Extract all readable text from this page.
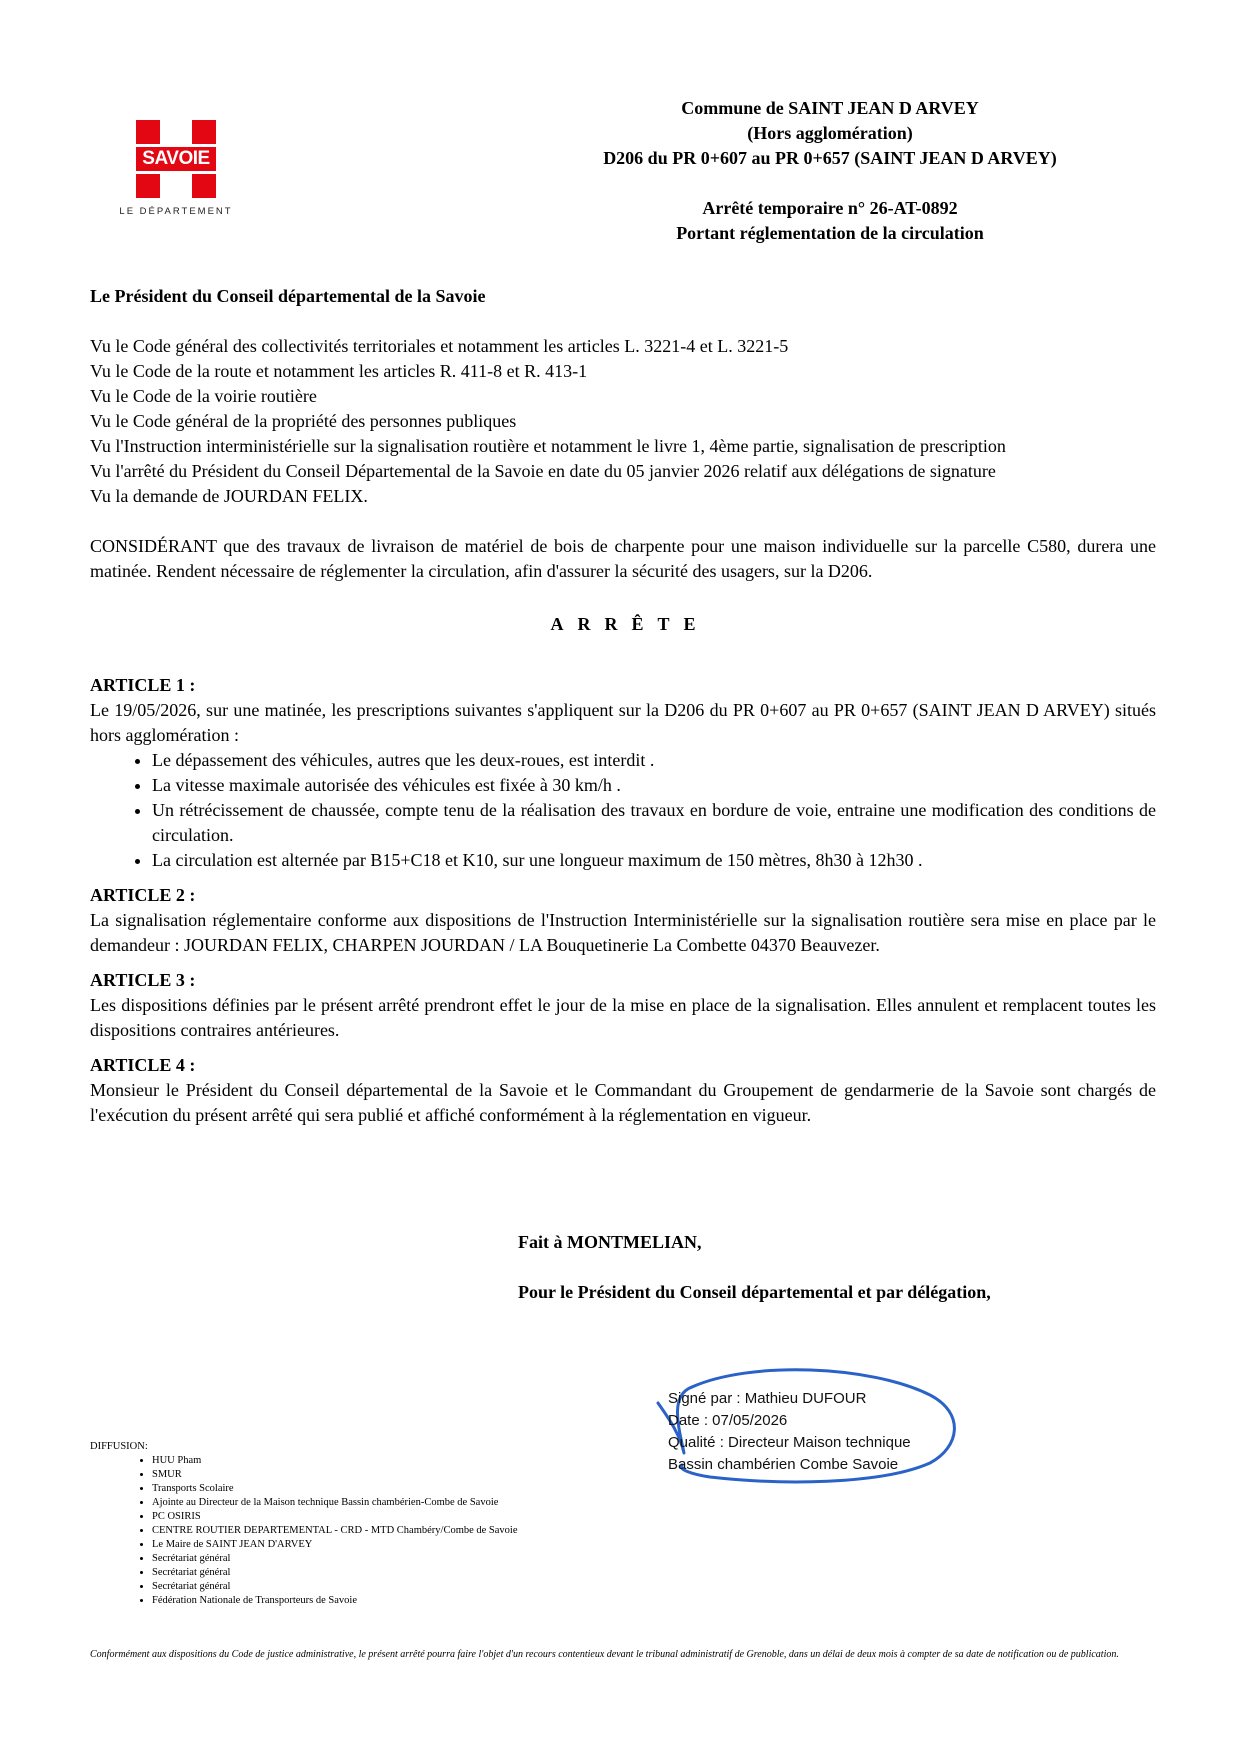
SAVOIE
LE DÉPARTEMENT
Commune de SAINT JEAN D ARVEY
(Hors agglomération)
D206 du PR 0+607 au PR 0+657 (SAINT JEAN D ARVEY)
Arrêté temporaire n° 26-AT-0892
Portant réglementation de la circulation

Le Président du Conseil départemental de la Savoie

Vu le Code général des collectivités territoriales et notamment les articles L. 3221-4 et L. 3221-5

Vu le Code de la route et notamment les articles R. 411-8 et R. 413-1

Vu le Code de la voirie routière

Vu le Code général de la propriété des personnes publiques

Vu l'Instruction interministérielle sur la signalisation routière et notamment le livre 1, 4ème partie, signalisation de prescription

Vu l'arrêté du Président du Conseil Départemental de la Savoie en date du 05 janvier 2026 relatif aux délégations de signature

Vu la demande de JOURDAN FELIX.

CONSIDÉRANT que des travaux de livraison de matériel de bois de charpente pour une maison individuelle sur la parcelle C580, durera une matinée. Rendent nécessaire de réglementer la circulation, afin d'assurer la sécurité des usagers, sur la D206.

ARRÊTE

ARTICLE 1 :

Le 19/05/2026, sur une matinée, les prescriptions suivantes s'appliquent sur la D206 du PR 0+607 au PR 0+657 (SAINT JEAN D ARVEY) situés hors agglomération :

• Le dépassement des véhicules, autres que les deux-roues, est interdit .
• La vitesse maximale autorisée des véhicules est fixée à 30 km/h .
• Un rétrécissement de chaussée, compte tenu de la réalisation des travaux en bordure de voie, entraine une modification des conditions de circulation.
• La circulation est alternée par B15+C18 et K10, sur une longueur maximum de 150 mètres, 8h30 à 12h30 .

ARTICLE 2 :

La signalisation réglementaire conforme aux dispositions de l'Instruction Interministérielle sur la signalisation routière sera mise en place par le demandeur : JOURDAN FELIX, CHARPEN JOURDAN / LA Bouquetinerie La Combette 04370 Beauvezer.

ARTICLE 3 :

Les dispositions définies par le présent arrêté prendront effet le jour de la mise en place de la signalisation. Elles annulent et remplacent toutes les dispositions contraires antérieures.

ARTICLE 4 :

Monsieur le Président du Conseil départemental de la Savoie et le Commandant du Groupement de gendarmerie de la Savoie sont chargés de l'exécution du présent arrêté qui sera publié et affiché conformément à la réglementation en vigueur.

Fait à MONTMELIAN,

Pour le Président du Conseil départemental et par délégation,

Signé par : Mathieu DUFOUR

Date : 07/05/2026

Qualité : Directeur Maison technique

Bassin chambérien Combe Savoie

DIFFUSION:

• HUU Pham
• SMUR
• Transports Scolaire
• Ajointe au Directeur de la Maison technique Bassin chambérien-Combe de Savoie
• PC OSIRIS
• CENTRE ROUTIER DEPARTEMENTAL - CRD - MTD Chambéry/Combe de Savoie
• Le Maire de SAINT JEAN D'ARVEY
• Secrétariat général
• Secrétariat général
• Secrétariat général
• Fédération Nationale de Transporteurs de Savoie
Conformément aux dispositions du Code de justice administrative, le présent arrêté pourra faire l'objet d'un recours contentieux devant le tribunal administratif de Grenoble, dans un délai de deux mois à compter de sa date de notification ou de publication.
